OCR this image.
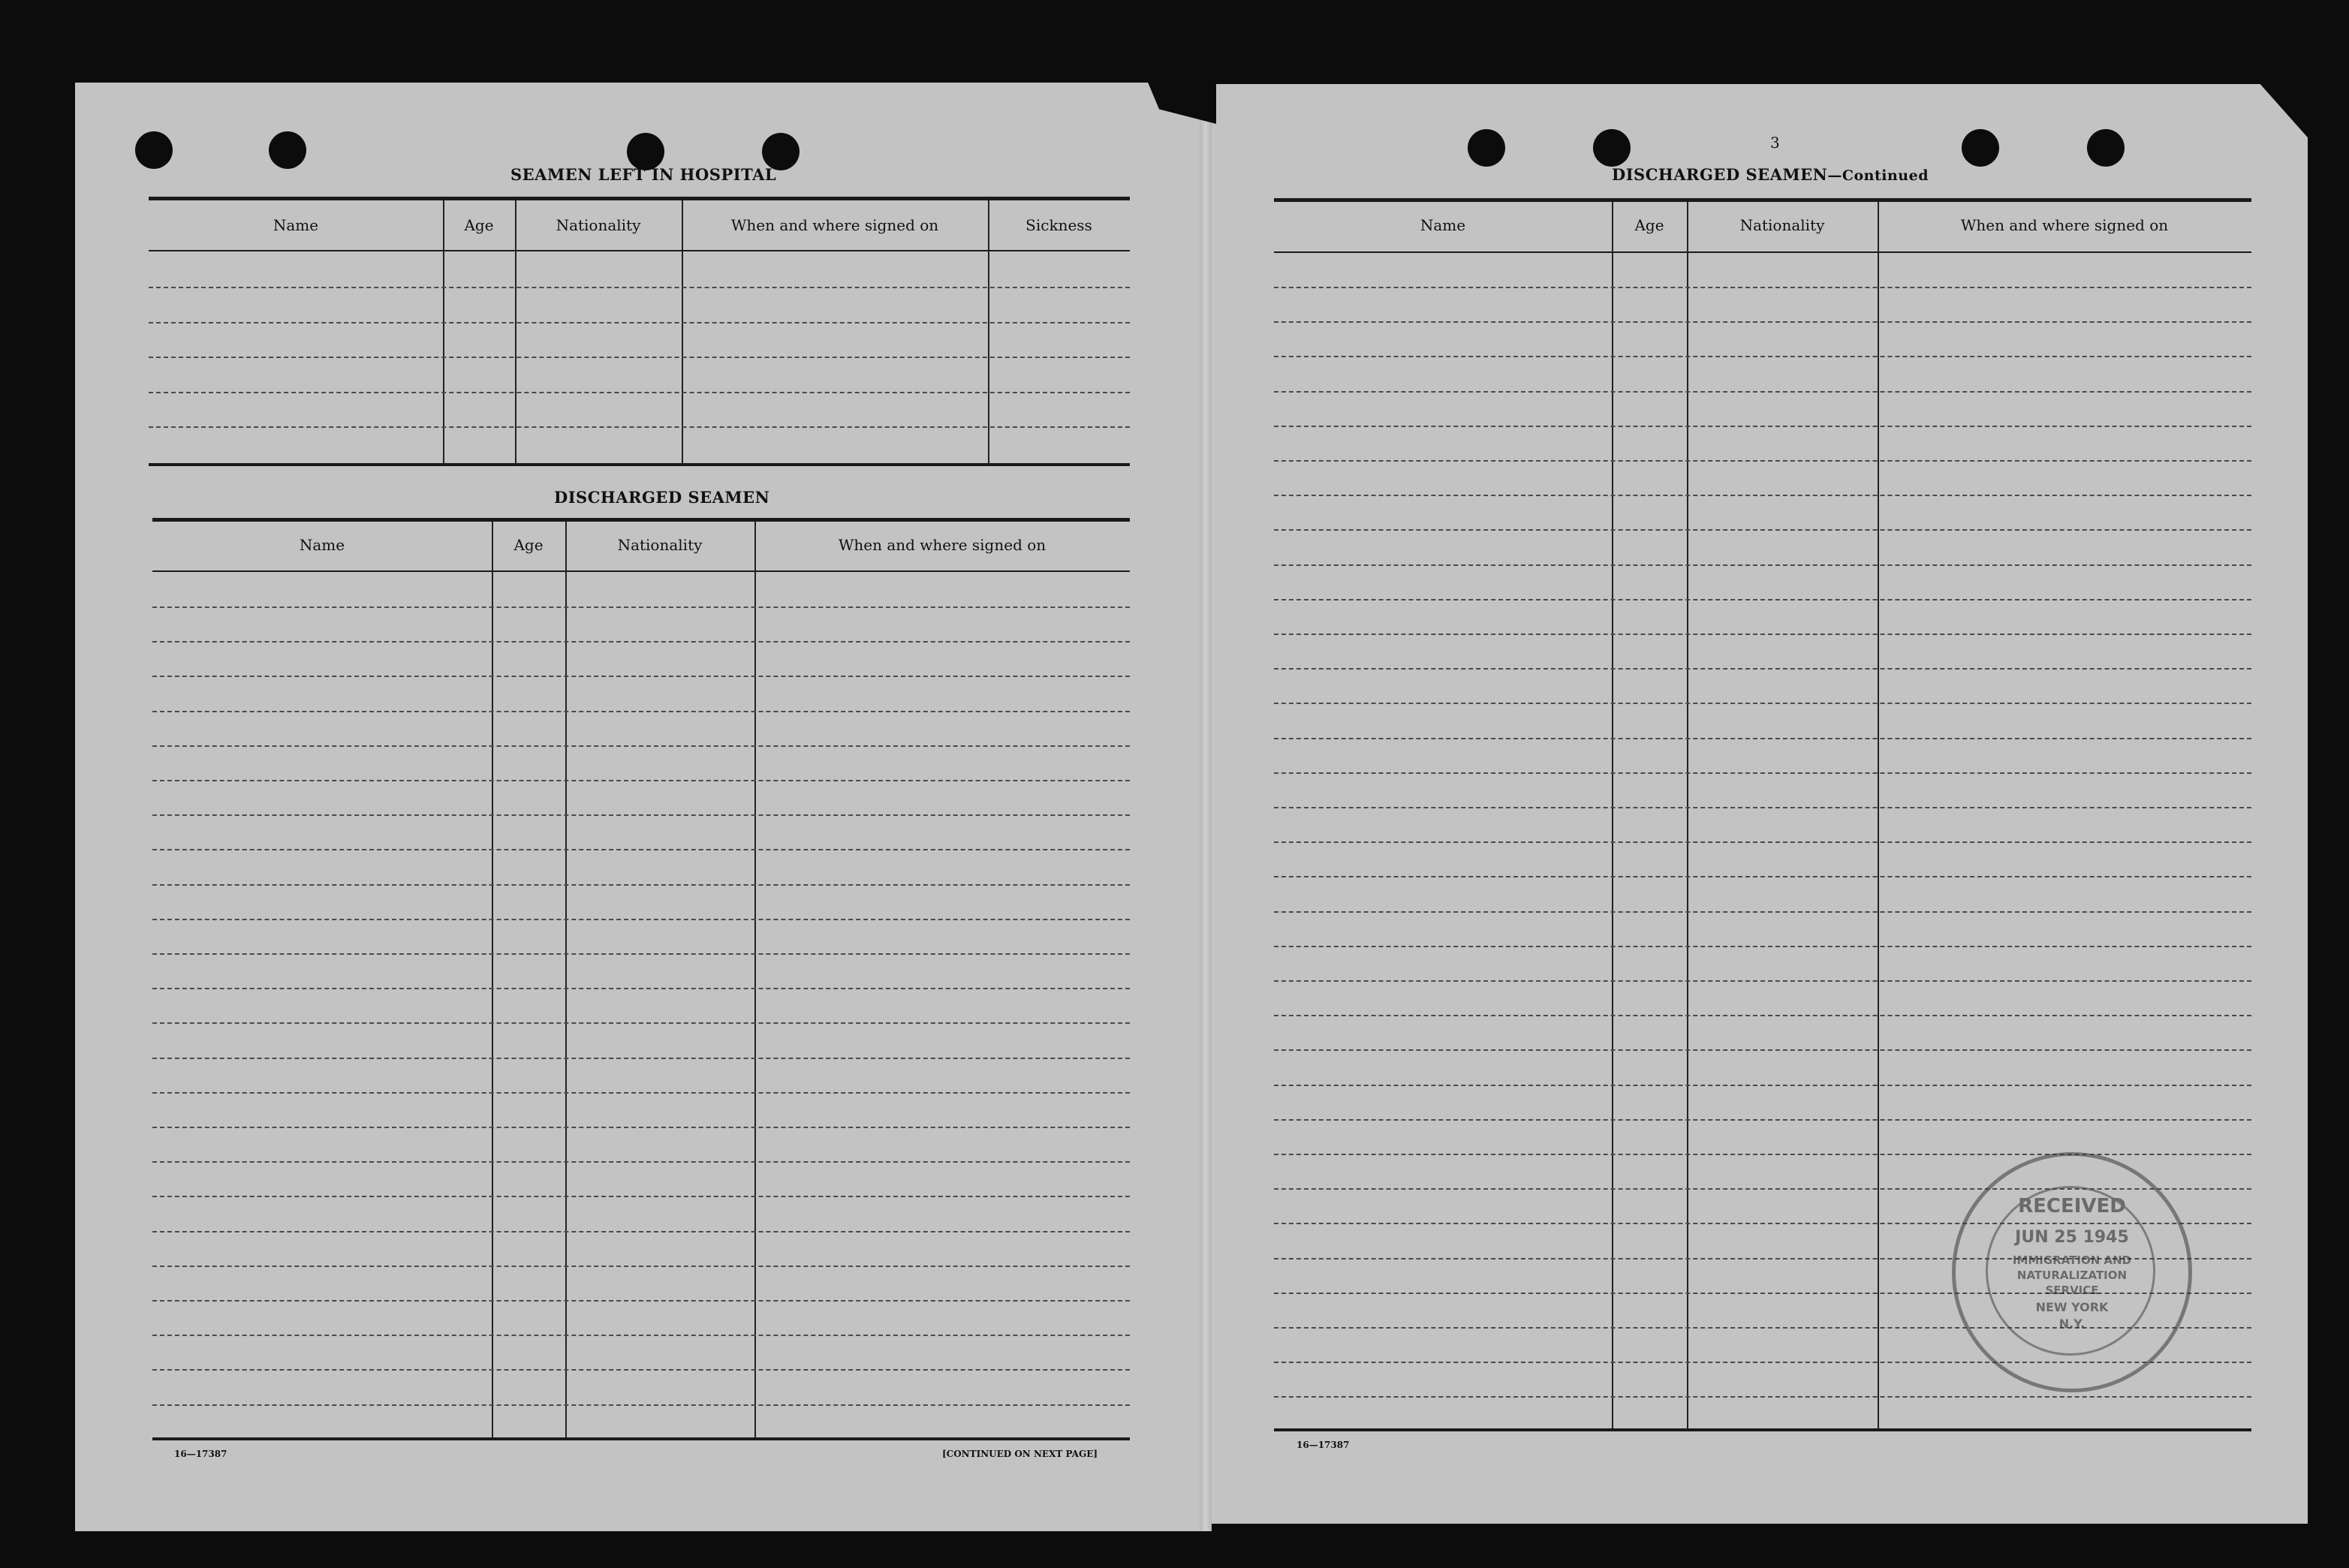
SEAMEN LEFT IN HOSPITAL
Name	Age	Nationality	When and where signed on	Sickness
DISCHARGED SEAMEN
Name	Age	Nationality	When and where signed on
16—17387	[CONTINUED ON NEXT PAGE]
3
DISCHARGED SEAMEN—Continued
Name	Age	Nationality	When and where signed on
16—17387
RECEIVED
JUN 25 1945
IMMIGRATION AND
NATURALIZATION
SERVICE
NEW YORK
N.Y.
